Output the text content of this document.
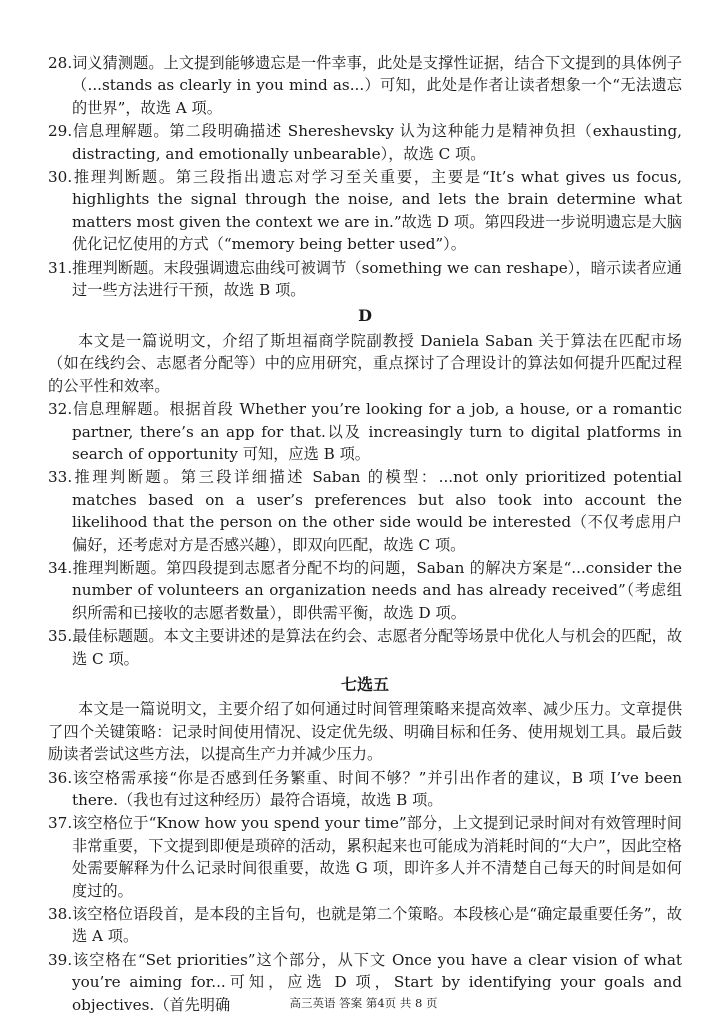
28.词义猜测题。上文提到能够遗忘是一件幸事，此处是支撑性证据，结合下文提到的具体例子（...stands as clearly in you mind as...）可知，此处是作者让读者想象一个“无法遗忘的世界”，故选 A 项。
29.信息理解题。第二段明确描述 Shereshevsky 认为这种能力是精神负担（exhausting, distracting, and emotionally unbearable），故选 C 项。
30.推理判断题。第三段指出遗忘对学习至关重要，主要是“It’s what gives us focus, highlights the signal through the noise, and lets the brain determine what matters most given the context we are in.”故选 D 项。第四段进一步说明遗忘是大脑优化记忆使用的方式（“memory being better used”）。
31.推理判断题。末段强调遗忘曲线可被调节（something we can reshape），暗示读者应通过一些方法进行干预，故选 B 项。
D
本文是一篇说明文，介绍了斯坦福商学院副教授 Daniela Saban 关于算法在匹配市场（如在线约会、志愿者分配等）中的应用研究，重点探讨了合理设计的算法如何提升匹配过程的公平性和效率。
32.信息理解题。根据首段 Whether you’re looking for a job, a house, or a romantic partner, there’s an app for that.以及 increasingly turn to digital platforms in search of opportunity 可知，应选 B 项。
33.推理判断题。第三段详细描述 Saban 的模型：...not only prioritized potential matches based on a user’s preferences but also took into account the likelihood that the person on the other side would be interested（不仅考虑用户偏好，还考虑对方是否感兴趣），即双向匹配，故选 C 项。
34.推理判断题。第四段提到志愿者分配不均的问题，Saban 的解决方案是“...consider the number of volunteers an organization needs and has already received”（考虑组织所需和已接收的志愿者数量），即供需平衡，故选 D 项。
35.最佳标题题。本文主要讲述的是算法在约会、志愿者分配等场景中优化人与机会的匹配，故选 C 项。
七选五
本文是一篇说明文，主要介绍了如何通过时间管理策略来提高效率、减少压力。文章提供了四个关键策略：记录时间使用情况、设定优先级、明确目标和任务、使用规划工具。最后鼓励读者尝试这些方法，以提高生产力并减少压力。
36.该空格需承接“你是否感到任务繁重、时间不够？”并引出作者的建议，B 项 I’ve been there.（我也有过这种经历）最符合语境，故选 B 项。
37.该空格位于“Know how you spend your time”部分，上文提到记录时间对有效管理时间非常重要，下文提到即便是琐碎的活动，累积起来也可能成为消耗时间的“大户”，因此空格处需要解释为什么记录时间很重要，故选 G 项，即许多人并不清楚自己每天的时间是如何度过的。
38.该空格位语段首，是本段的主旨句，也就是第二个策略。本段核心是“确定最重要任务”，故选 A 项。
39.该空格在“Set priorities”这个部分，从下文 Once you have a clear vision of what you’re aiming for...可知，应选 D 项，Start by identifying your goals and objectives.（首先明确	高三英语 答案 第4页 共 8 页
